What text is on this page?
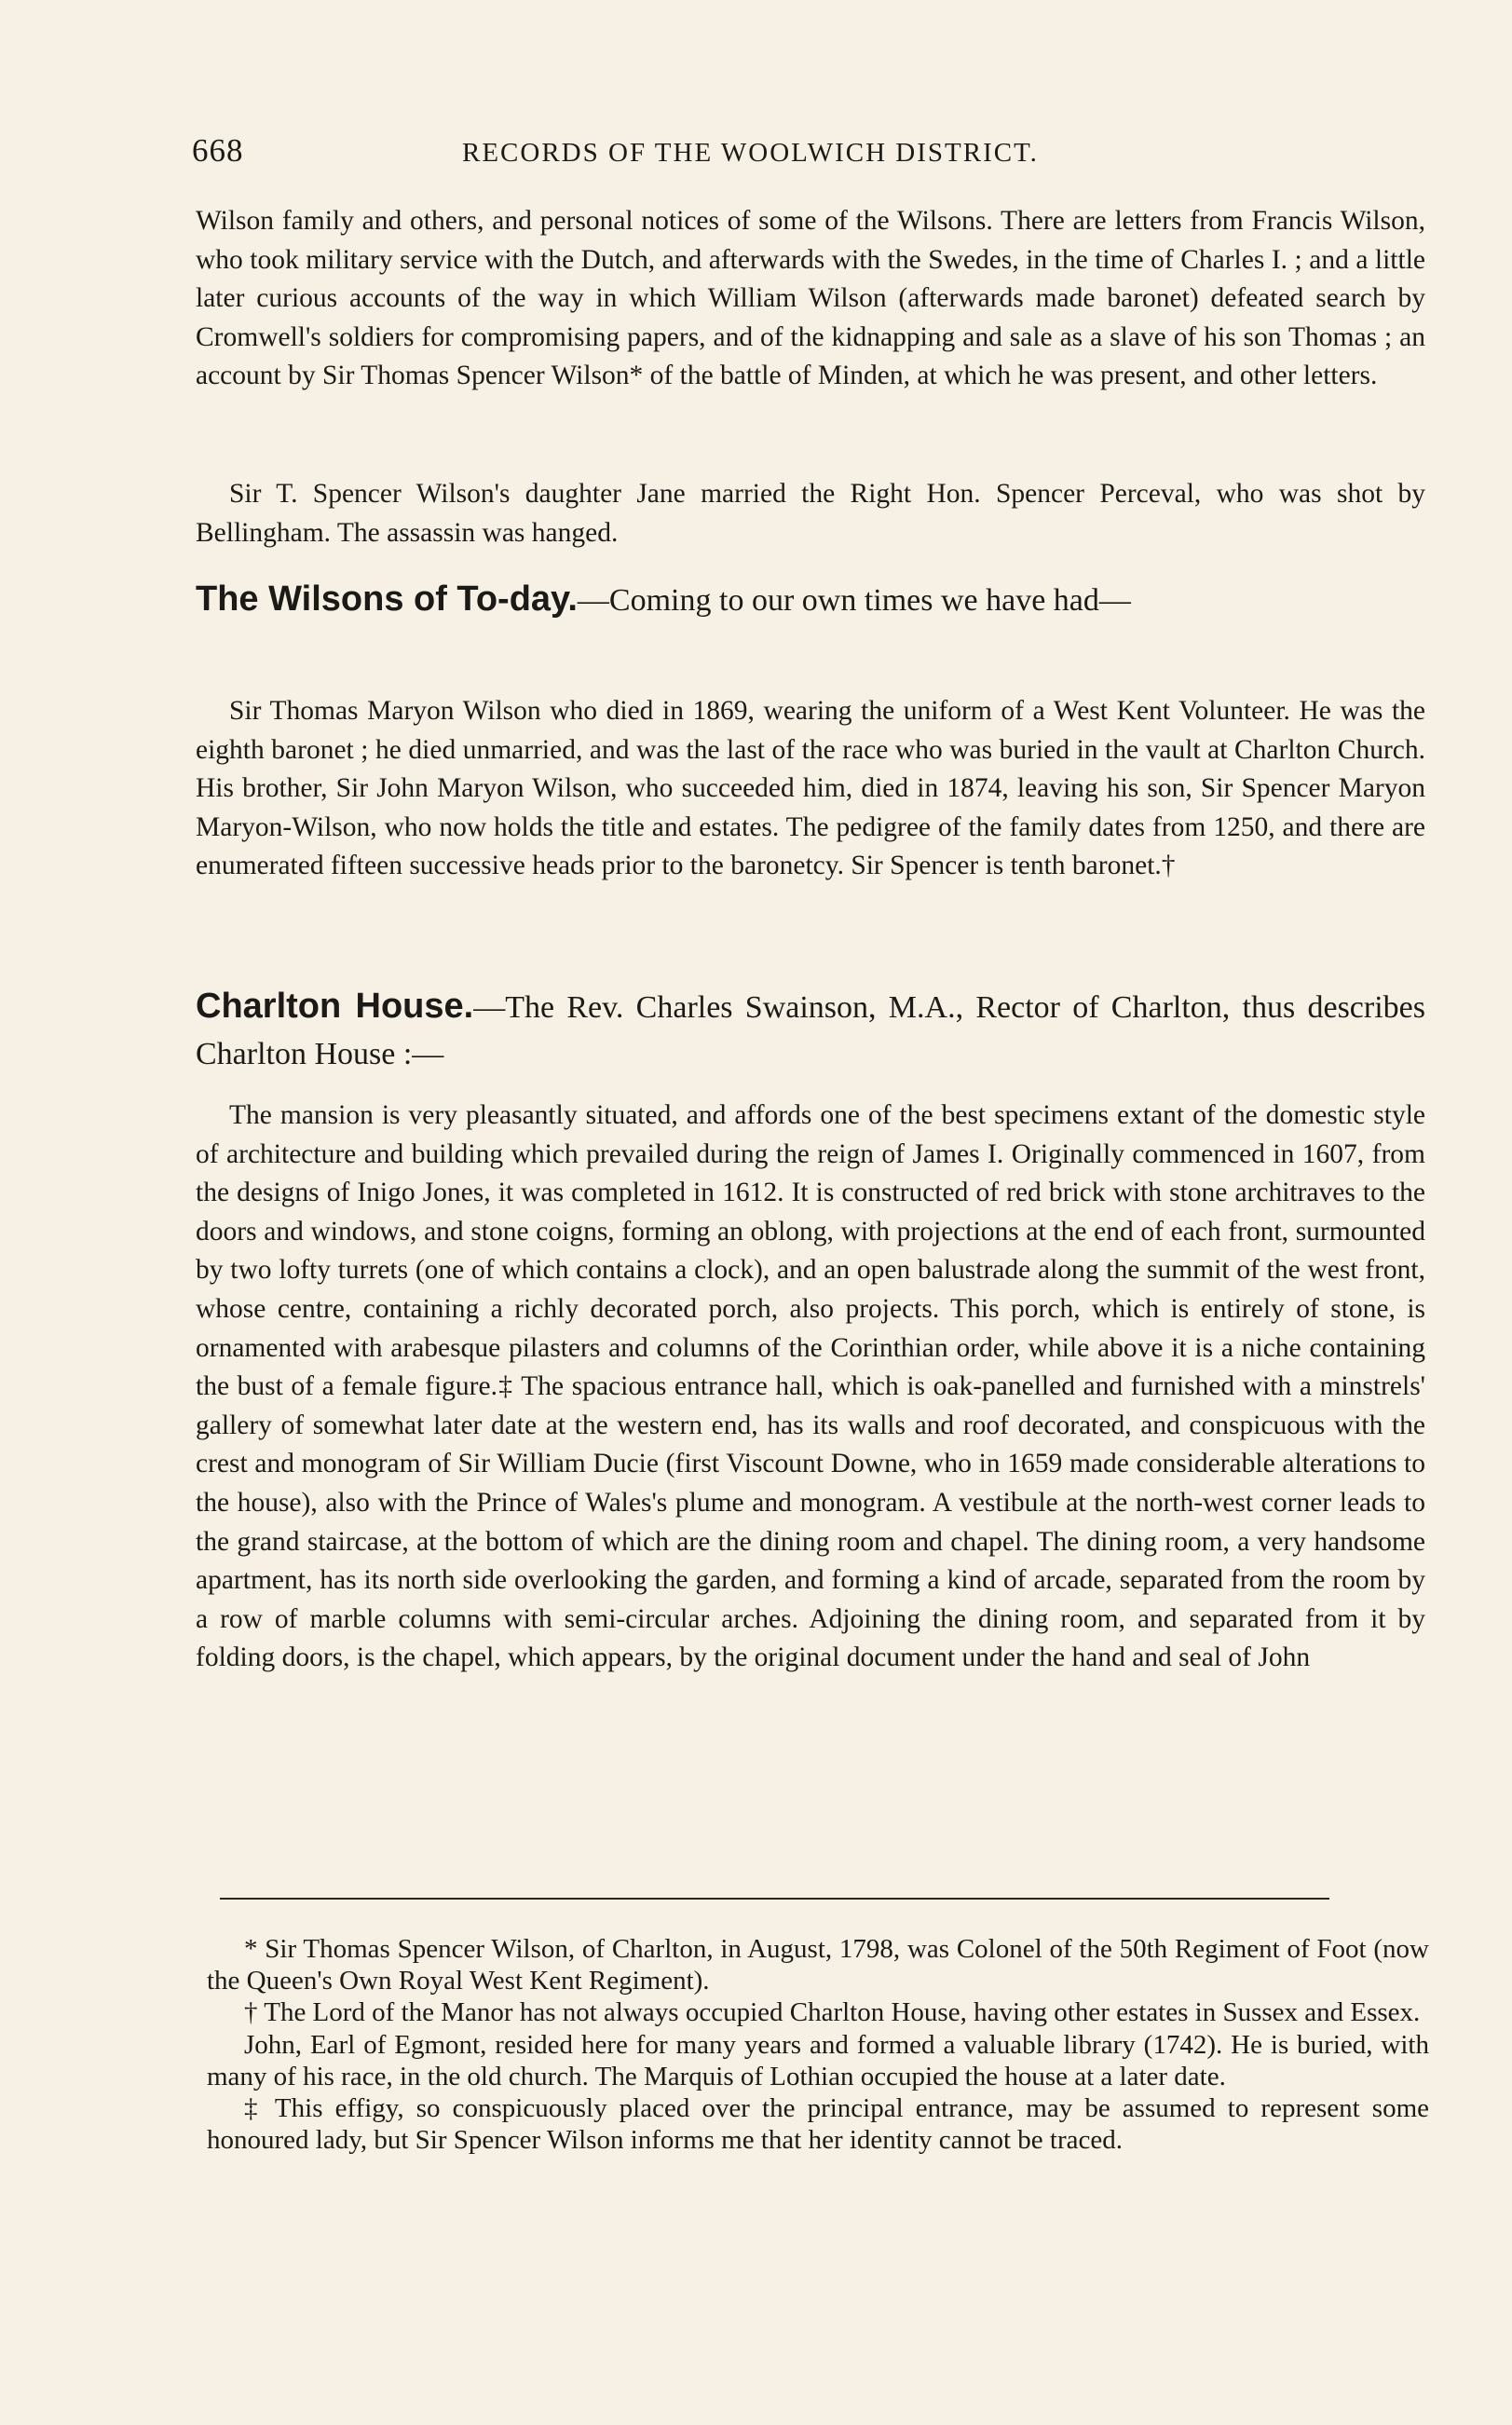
668	RECORDS OF THE WOOLWICH DISTRICT.

Wilson family and others, and personal notices of some of the Wilsons. There are letters from Francis Wilson, who took military service with the Dutch, and afterwards with the Swedes, in the time of Charles I. ; and a little later curious accounts of the way in which William Wilson (afterwards made baronet) defeated search by Cromwell's soldiers for compromising papers, and of the kidnapping and sale as a slave of his son Thomas ; an account by Sir Thomas Spencer Wilson* of the battle of Minden, at which he was present, and other letters.

Sir T. Spencer Wilson's daughter Jane married the Right Hon. Spencer Perceval, who was shot by Bellingham. The assassin was hanged.

The Wilsons of To-day.—Coming to our own times we have had—

Sir Thomas Maryon Wilson who died in 1869, wearing the uniform of a West Kent Volunteer. He was the eighth baronet ; he died unmarried, and was the last of the race who was buried in the vault at Charlton Church. His brother, Sir John Maryon Wilson, who succeeded him, died in 1874, leaving his son, Sir Spencer Maryon Maryon-Wilson, who now holds the title and estates. The pedigree of the family dates from 1250, and there are enumerated fifteen successive heads prior to the baronetcy. Sir Spencer is tenth baronet.†

Charlton House.—The Rev. Charles Swainson, M.A., Rector of Charlton, thus describes Charlton House :—

The mansion is very pleasantly situated, and affords one of the best specimens extant of the domestic style of architecture and building which prevailed during the reign of James I. Originally commenced in 1607, from the designs of Inigo Jones, it was completed in 1612. It is constructed of red brick with stone architraves to the doors and windows, and stone coigns, forming an oblong, with projections at the end of each front, surmounted by two lofty turrets (one of which contains a clock), and an open balustrade along the summit of the west front, whose centre, containing a richly decorated porch, also projects. This porch, which is entirely of stone, is ornamented with arabesque pilasters and columns of the Corinthian order, while above it is a niche containing the bust of a female figure.‡ The spacious entrance hall, which is oak-panelled and furnished with a minstrels' gallery of somewhat later date at the western end, has its walls and roof decorated, and conspicuous with the crest and monogram of Sir William Ducie (first Viscount Downe, who in 1659 made considerable alterations to the house), also with the Prince of Wales's plume and monogram. A vestibule at the north-west corner leads to the grand staircase, at the bottom of which are the dining room and chapel. The dining room, a very handsome apartment, has its north side overlooking the garden, and forming a kind of arcade, separated from the room by a row of marble columns with semi-circular arches. Adjoining the dining room, and separated from it by folding doors, is the chapel, which appears, by the original document under the hand and seal of John

* Sir Thomas Spencer Wilson, of Charlton, in August, 1798, was Colonel of the 50th Regiment of Foot (now the Queen's Own Royal West Kent Regiment).

† The Lord of the Manor has not always occupied Charlton House, having other estates in Sussex and Essex.

John, Earl of Egmont, resided here for many years and formed a valuable library (1742). He is buried, with many of his race, in the old church. The Marquis of Lothian occupied the house at a later date.

‡ This effigy, so conspicuously placed over the principal entrance, may be assumed to represent some honoured lady, but Sir Spencer Wilson informs me that her identity cannot be traced.
